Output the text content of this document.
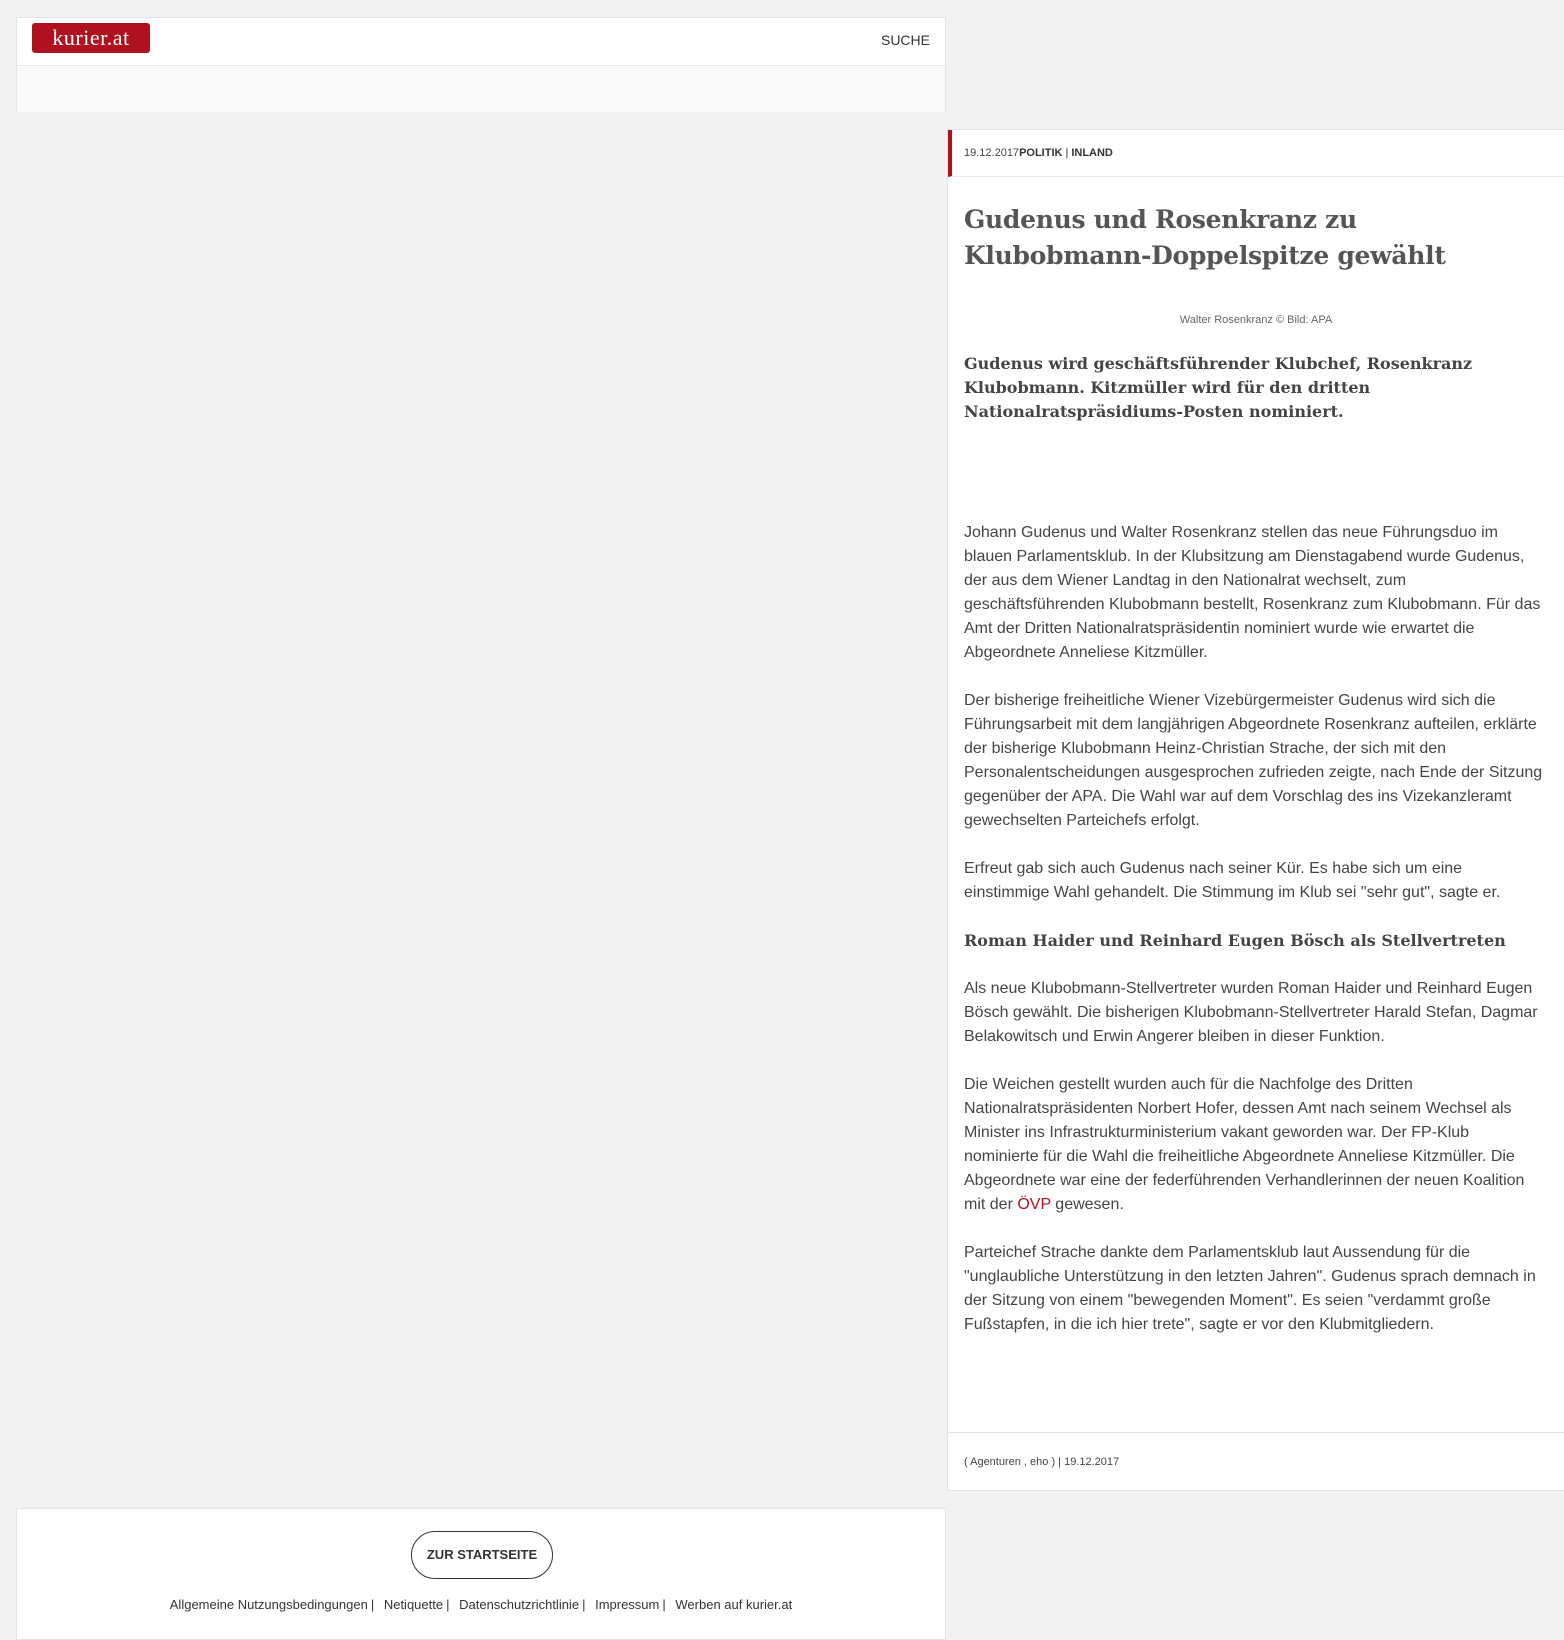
kurier.at	SUCHE
19.12.2017 POLITIK | INLAND
Gudenus und Rosenkranz zu Klubobmann-Doppelspitze gewählt
Walter Rosenkranz © Bild: APA

Gudenus wird geschäftsführender Klubchef, Rosenkranz Klubobmann. Kitzmüller wird für den dritten Nationalratspräsidiums-Posten nominiert.

Johann Gudenus und Walter Rosenkranz stellen das neue Führungsduo im blauen Parlamentsklub. In der Klubsitzung am Dienstagabend wurde Gudenus, der aus dem Wiener Landtag in den Nationalrat wechselt, zum geschäftsführenden Klubobmann bestellt, Rosenkranz zum Klubobmann. Für das Amt der Dritten Nationalratspräsidentin nominiert wurde wie erwartet die Abgeordnete Anneliese Kitzmüller.

Der bisherige freiheitliche Wiener Vizebürgermeister Gudenus wird sich die Führungsarbeit mit dem langjährigen Abgeordnete Rosenkranz aufteilen, erklärte der bisherige Klubobmann Heinz-Christian Strache, der sich mit den Personalentscheidungen ausgesprochen zufrieden zeigte, nach Ende der Sitzung gegenüber der APA. Die Wahl war auf dem Vorschlag des ins Vizekanzleramt gewechselten Parteichefs erfolgt.

Erfreut gab sich auch Gudenus nach seiner Kür. Es habe sich um eine einstimmige Wahl gehandelt. Die Stimmung im Klub sei "sehr gut", sagte er.

Roman Haider und Reinhard Eugen Bösch als Stellvertreten

Als neue Klubobmann-Stellvertreter wurden Roman Haider und Reinhard Eugen Bösch gewählt. Die bisherigen Klubobmann-Stellvertreter Harald Stefan, Dagmar Belakowitsch und Erwin Angerer bleiben in dieser Funktion.

Die Weichen gestellt wurden auch für die Nachfolge des Dritten Nationalratspräsidenten Norbert Hofer, dessen Amt nach seinem Wechsel als Minister ins Infrastrukturministerium vakant geworden war. Der FP-Klub nominierte für die Wahl die freiheitliche Abgeordnete Anneliese Kitzmüller. Die Abgeordnete war eine der federführenden Verhandlerinnen der neuen Koalition mit der ÖVP gewesen.

Parteichef Strache dankte dem Parlamentsklub laut Aussendung für die "unglaubliche Unterstützung in den letzten Jahren". Gudenus sprach demnach in der Sitzung von einem "bewegenden Moment". Es seien "verdammt große Fußstapfen, in die ich hier trete", sagte er vor den Klubmitgliedern.

( Agenturen , eho ) | 19.12.2017
ZUR STARTSEITE
Allgemeine Nutzungsbedingungen | Netiquette | Datenschutzrichtlinie | Impressum | Werben auf kurier.at
